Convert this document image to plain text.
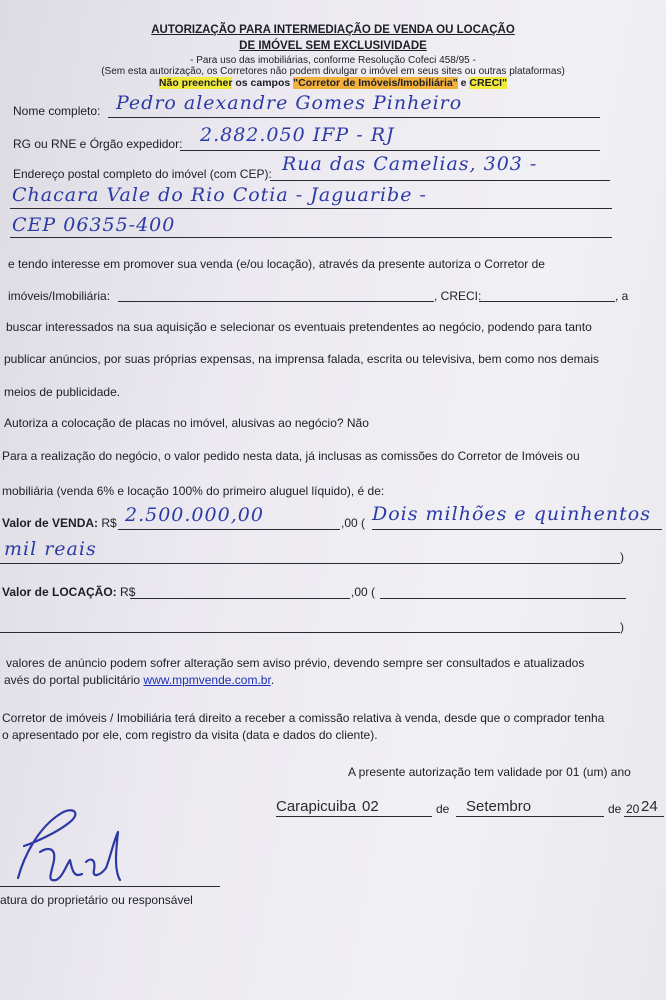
AUTORIZAÇÃO PARA INTERMEDIAÇÃO DE VENDA OU LOCAÇÃO
DE IMÓVEL SEM EXCLUSIVIDADE
- Para uso das imobiliárias, conforme Resolução Cofeci 458/95 -
(Sem esta autorização, os Corretores não podem divulgar o imóvel em seus sites ou outras plataformas)
Não preencher os campos "Corretor de Imóveis/Imobiliária" e CRECI"
Nome completo: Pedro alexandre Gomes Pinheiro
RG ou RNE e Órgão expedidor: 2.882.050 IFP - RJ
Endereço postal completo do imóvel (com CEP): Rua das Camelias, 303 -
Chacara Vale do Rio Cotia - Jaguaribe -
CEP 06355-400
e tendo interesse em promover sua venda (e/ou locação), através da presente autoriza o Corretor de
imóveis/Imobiliária:	, CRECI:	, a
buscar interessados na sua aquisição e selecionar os eventuais pretendentes ao negócio, podendo para tanto
publicar anúncios, por suas próprias expensas, na imprensa falada, escrita ou televisiva, bem como nos demais
meios de publicidade.
Autoriza a colocação de placas no imóvel, alusivas ao negócio? Não
Para a realização do negócio, o valor pedido nesta data, já inclusas as comissões do Corretor de Imóveis ou
mobiliária (venda 6% e locação 100% do primeiro aluguel líquido), é de:
Valor de VENDA: R$ 2.500.000,00	,00 ( Dois milhões e quinhentos
mil reais	)
Valor de LOCAÇÃO: R$	,00 (
)
valores de anúncio podem sofrer alteração sem aviso prévio, devendo sempre ser consultados e atualizados
avés do portal publicitário www.mpmvende.com.br.
Corretor de imóveis / Imobiliária terá direito a receber a comissão relativa à venda, desde que o comprador tenha
o apresentado por ele, com registro da visita (data e dados do cliente).
A presente autorização tem validade por 01 (um) ano
Carapicuiba 02	de Setembro	de 20 24
atura do proprietário ou responsável
